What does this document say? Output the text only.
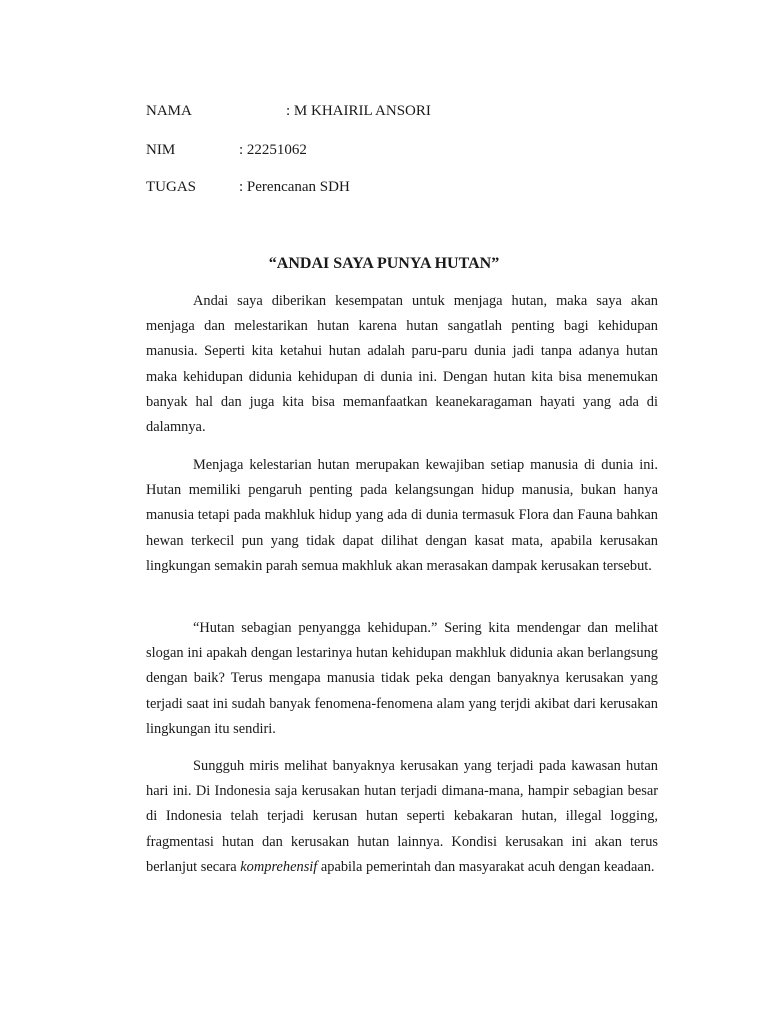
NAMA	: M KHAIRIL ANSORI
NIM	: 22251062
TUGAS	: Perencanan SDH
“ANDAI SAYA PUNYA HUTAN”

Andai saya diberikan kesempatan untuk menjaga hutan, maka saya akan menjaga dan melestarikan hutan karena hutan sangatlah penting bagi kehidupan manusia. Seperti kita ketahui hutan adalah paru-paru dunia jadi tanpa adanya hutan maka kehidupan didunia kehidupan di dunia ini. Dengan hutan kita bisa menemukan banyak hal dan juga kita bisa memanfaatkan keanekaragaman hayati yang ada di dalamnya.

Menjaga kelestarian hutan merupakan kewajiban setiap manusia di dunia ini. Hutan memiliki pengaruh penting pada kelangsungan hidup manusia, bukan hanya manusia tetapi pada makhluk hidup yang ada di dunia termasuk Flora dan Fauna bahkan hewan terkecil pun yang tidak dapat dilihat dengan kasat mata, apabila kerusakan lingkungan semakin parah semua makhluk akan merasakan dampak kerusakan tersebut.

“Hutan sebagian penyangga kehidupan.” Sering kita mendengar dan melihat slogan ini apakah dengan lestarinya hutan kehidupan makhluk didunia akan berlangsung dengan baik? Terus mengapa manusia tidak peka dengan banyaknya kerusakan yang terjadi saat ini sudah banyak fenomena-fenomena alam yang terjdi akibat dari kerusakan lingkungan itu sendiri.

Sungguh miris melihat banyaknya kerusakan yang terjadi pada kawasan hutan hari ini. Di Indonesia saja kerusakan hutan terjadi dimana-mana, hampir sebagian besar di Indonesia telah terjadi kerusan hutan seperti kebakaran hutan, illegal logging, fragmentasi hutan dan kerusakan hutan lainnya. Kondisi kerusakan ini akan terus berlanjut secara komprehensif apabila pemerintah dan masyarakat acuh dengan keadaan.
